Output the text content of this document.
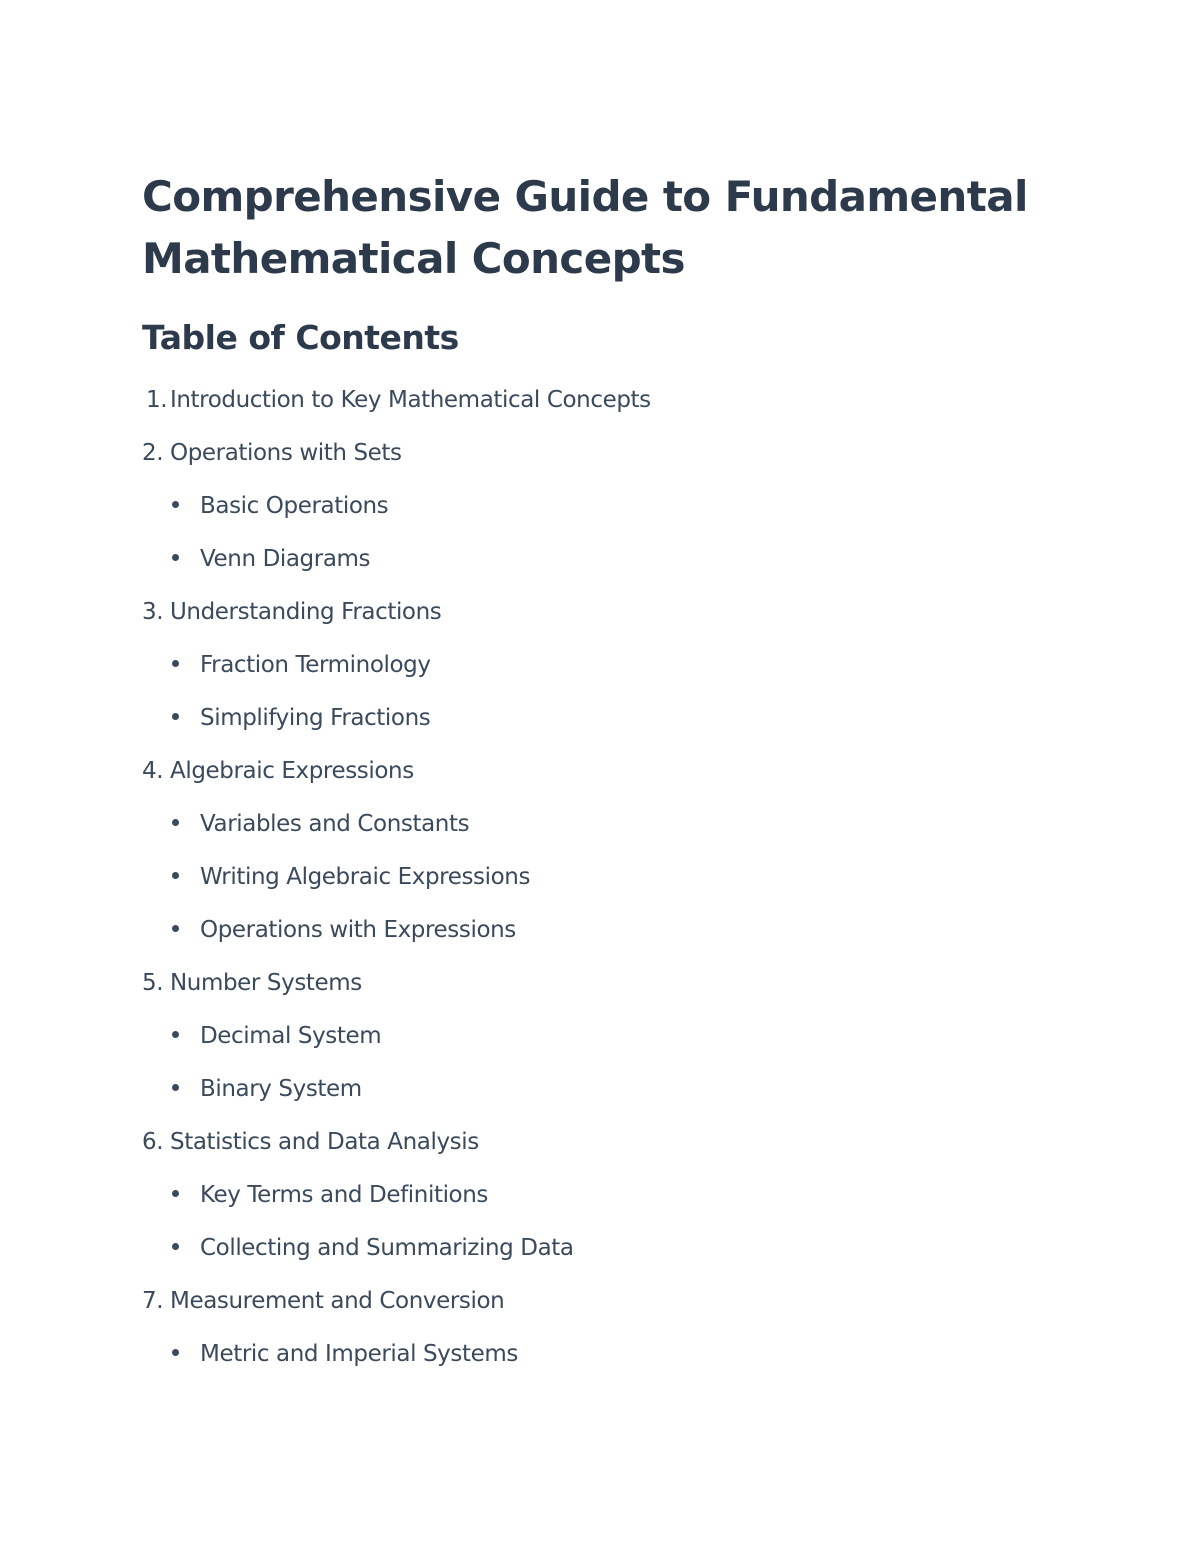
Comprehensive Guide to Fundamental Mathematical Concepts
Table of Contents
1. Introduction to Key Mathematical Concepts
2. Operations with Sets
Basic Operations
Venn Diagrams
3. Understanding Fractions
Fraction Terminology
Simplifying Fractions
4. Algebraic Expressions
Variables and Constants
Writing Algebraic Expressions
Operations with Expressions
5. Number Systems
Decimal System
Binary System
6. Statistics and Data Analysis
Key Terms and Definitions
Collecting and Summarizing Data
7. Measurement and Conversion
Metric and Imperial Systems
